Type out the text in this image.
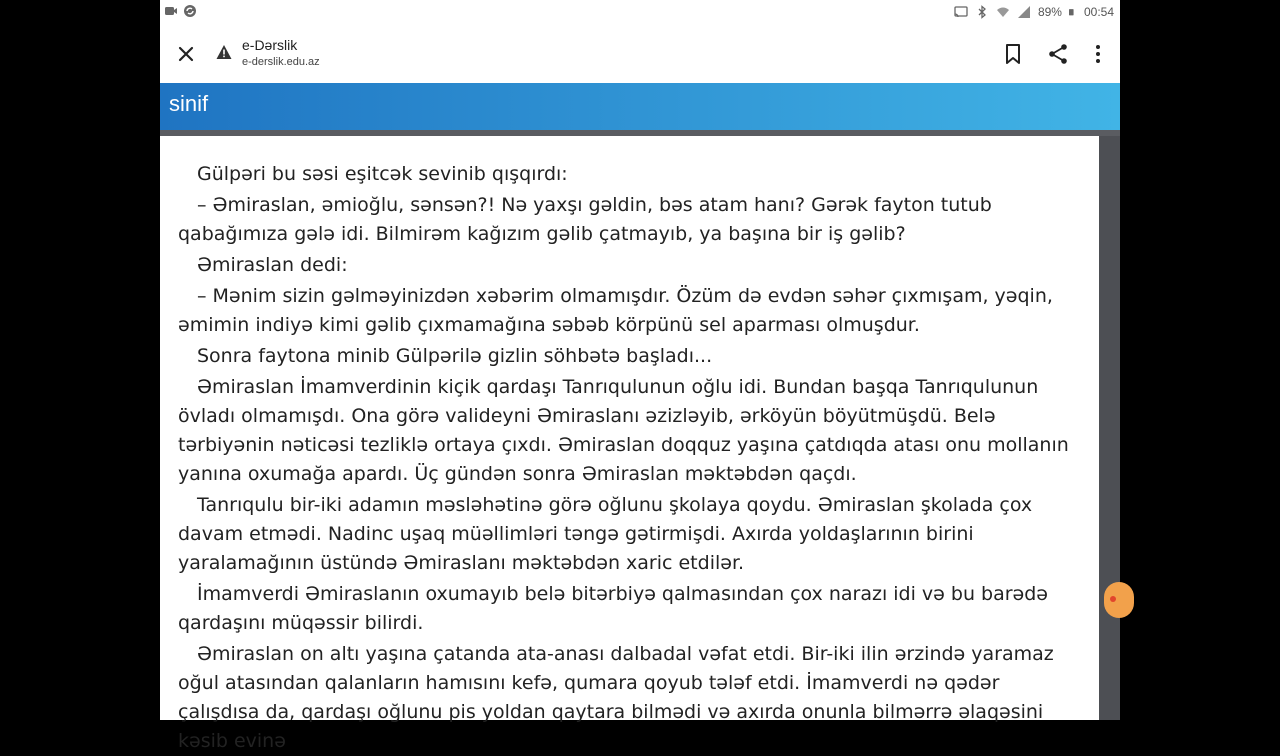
89% 00:54
e-Dərslik
e-derslik.edu.az
sinif

Gülpəri bu səsi eşitcək sevinib qışqırdı:

– Əmiraslan, əmioğlu, sənsən?! Nə yaxşı gəldin, bəs atam hanı? Gərək fayton tutub qabağımıza gələ idi. Bilmirəm kağızım gəlib çatmayıb, ya başına bir iş gəlib?

Əmiraslan dedi:

– Mənim sizin gəlməyinizdən xəbərim olmamışdır. Özüm də evdən səhər çıxmışam, yəqin, əmimin indiyə kimi gəlib çıxmamağına səbəb körpünü sel aparması olmuşdur.

Sonra faytona minib Gülpərilə gizlin söhbətə başladı...

Əmiraslan İmamverdinin kiçik qardaşı Tanrıqulunun oğlu idi. Bundan başqa Tanrıqulunun övladı olmamışdı. Ona görə valideyni Əmiraslanı əzizləyib, ərköyün böyütmüşdü. Belə tərbiyənin nəticəsi tezliklə ortaya çıxdı. Əmiraslan doqquz yaşına çatdıqda atası onu mollanın yanına oxumağa apardı. Üç gündən sonra Əmiraslan məktəbdən qaçdı.

Tanrıqulu bir-iki adamın məsləhətinə görə oğlunu şkolaya qoydu. Əmiraslan şkolada çox davam etmədi. Nadinc uşaq müəllimləri təngə gətirmişdi. Axırda yoldaşlarının birini yaralamağının üstündə Əmiraslanı məktəbdən xaric etdilər.

İmamverdi Əmiraslanın oxumayıb belə bitərbiyə qalmasından çox narazı idi və bu barədə qardaşını müqəssir bilirdi.

Əmiraslan on altı yaşına çatanda ata-anası dalbadal vəfat etdi. Bir-iki ilin ərzində yaramaz oğul atasından qalanların hamısını kefə, qumara qoyub tələf etdi. İmamverdi nə qədər çalışdısa da, qardaşı oğlunu pis yoldan qaytara bilmədi və axırda onunla bilmərrə əlaqəsini kəsib evinə
